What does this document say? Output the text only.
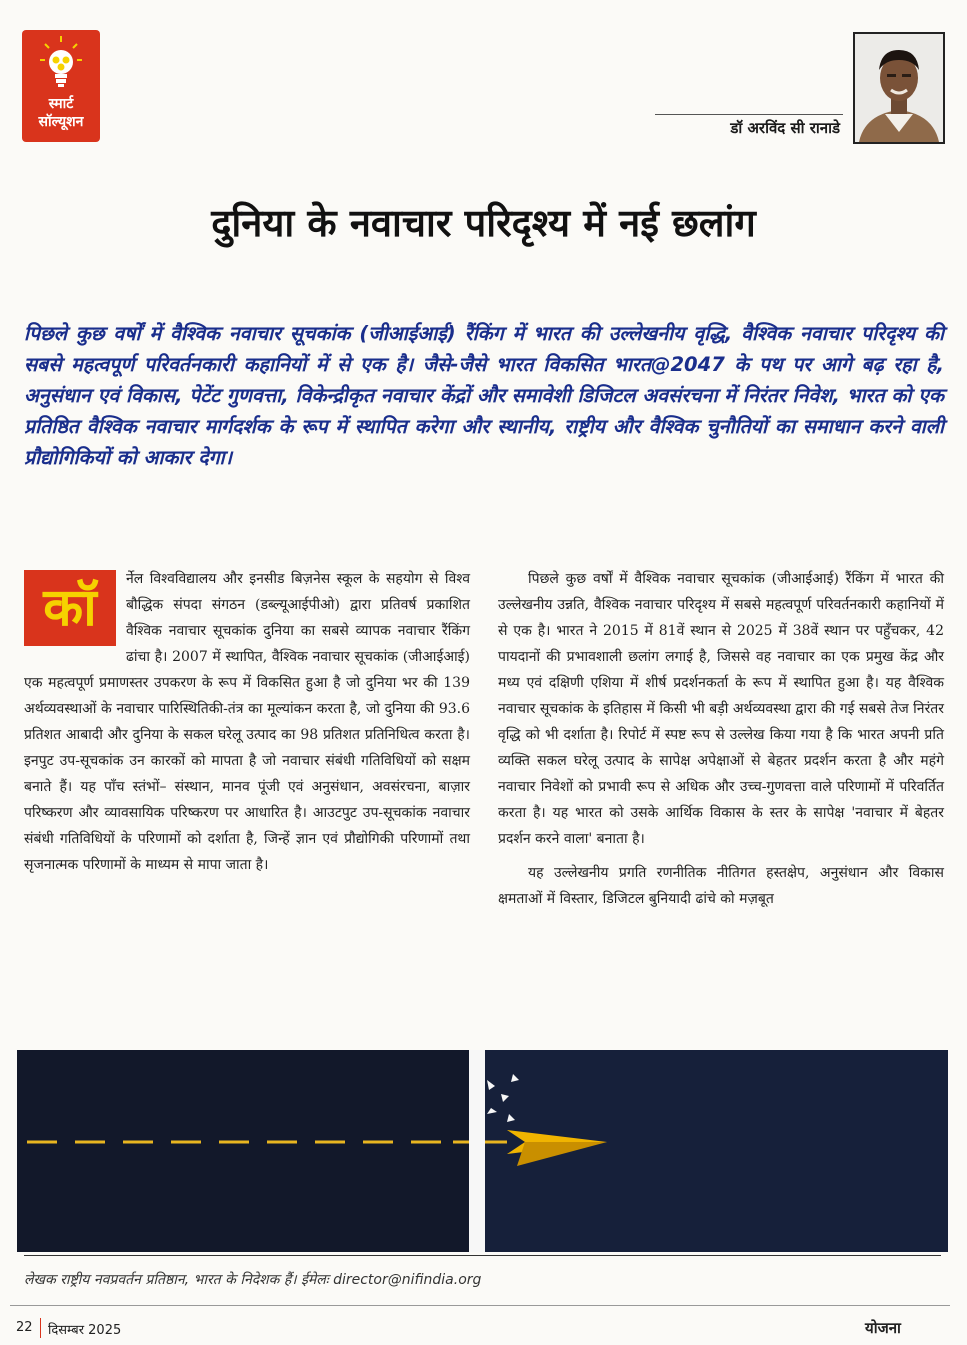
स्मार्ट
सॉल्यूशन	डॉ अरविंद सी रानाडे
दुनिया के नवाचार परिदृश्य में नई छलांग
पिछले कुछ वर्षों में वैश्विक नवाचार सूचकांक (जीआईआई) रैंकिंग में भारत की उल्लेखनीय वृद्धि, वैश्विक नवाचार परिदृश्य की सबसे महत्वपूर्ण परिवर्तनकारी कहानियों में से एक है। जैसे-जैसे भारत विकसित भारत@2047 के पथ पर आगे बढ़ रहा है, अनुसंधान एवं विकास, पेटेंट गुणवत्ता, विकेन्द्रीकृत नवाचार केंद्रों और समावेशी डिजिटल अवसंरचना में निरंतर निवेश, भारत को एक प्रतिष्ठित वैश्विक नवाचार मार्गदर्शक के रूप में स्थापित करेगा और स्थानीय, राष्ट्रीय और वैश्विक चुनौतियों का समाधान करने वाली प्रौद्योगिकियों को आकार देगा।
कॉ	र्नेल विश्वविद्यालय और इनसीड बिज़नेस स्कूल के सहयोग से विश्व बौद्धिक संपदा संगठन (डब्ल्यूआईपीओ) द्वारा प्रतिवर्ष प्रकाशित वैश्विक नवाचार सूचकांक दुनिया का सबसे व्यापक नवाचार रैंकिंग ढांचा है। 2007 में स्थापित, वैश्विक नवाचार सूचकांक (जीआईआई) एक महत्वपूर्ण प्रमाणस्तर उपकरण के रूप में विकसित हुआ है जो दुनिया भर की 139 अर्थव्यवस्थाओं के नवाचार पारिस्थितिकी-तंत्र का मूल्यांकन करता है, जो दुनिया की 93.6 प्रतिशत आबादी और दुनिया के सकल घरेलू उत्पाद का 98 प्रतिशत प्रतिनिधित्व करता है। इनपुट उप-सूचकांक उन कारकों को मापता है जो नवाचार संबंधी गतिविधियों को सक्षम बनाते हैं। यह पाँच स्तंभों– संस्थान, मानव पूंजी एवं अनुसंधान, अवसंरचना, बाज़ार परिष्करण और व्यावसायिक परिष्करण पर आधारित है। आउटपुट उप-सूचकांक नवाचार संबंधी गतिविधियों के परिणामों को दर्शाता है, जिन्हें ज्ञान एवं प्रौद्योगिकी परिणामों तथा सृजनात्मक परिणामों के माध्यम से मापा जाता है।

पिछले कुछ वर्षों में वैश्विक नवाचार सूचकांक (जीआईआई) रैंकिंग में भारत की उल्लेखनीय उन्नति, वैश्विक नवाचार परिदृश्य में सबसे महत्वपूर्ण परिवर्तनकारी कहानियों में से एक है। भारत ने 2015 में 81वें स्थान से 2025 में 38वें स्थान पर पहुँचकर, 42 पायदानों की प्रभावशाली छलांग लगाई है, जिससे वह नवाचार का एक प्रमुख केंद्र और मध्य एवं दक्षिणी एशिया में शीर्ष प्रदर्शनकर्ता के रूप में स्थापित हुआ है। यह वैश्विक नवाचार सूचकांक के इतिहास में किसी भी बड़ी अर्थव्यवस्था द्वारा की गई सबसे तेज निरंतर वृद्धि को भी दर्शाता है। रिपोर्ट में स्पष्ट रूप से उल्लेख किया गया है कि भारत अपनी प्रति व्यक्ति सकल घरेलू उत्पाद के सापेक्ष अपेक्षाओं से बेहतर प्रदर्शन करता है और महंगे नवाचार निवेशों को प्रभावी रूप से अधिक और उच्च-गुणवत्ता वाले परिणामों में परिवर्तित करता है। यह भारत को उसके आर्थिक विकास के स्तर के सापेक्ष 'नवाचार में बेहतर प्रदर्शन करने वाला' बनाता है।

यह उल्लेखनीय प्रगति रणनीतिक नीतिगत हस्तक्षेप, अनुसंधान और विकास क्षमताओं में विस्तार, डिजिटल बुनियादी ढांचे को मज़बूत

लेखक राष्ट्रीय नवप्रवर्तन प्रतिष्ठान, भारत के निदेशक हैं। ईमेलः director@nifindia.org
22 दिसम्बर 2025	योजना
